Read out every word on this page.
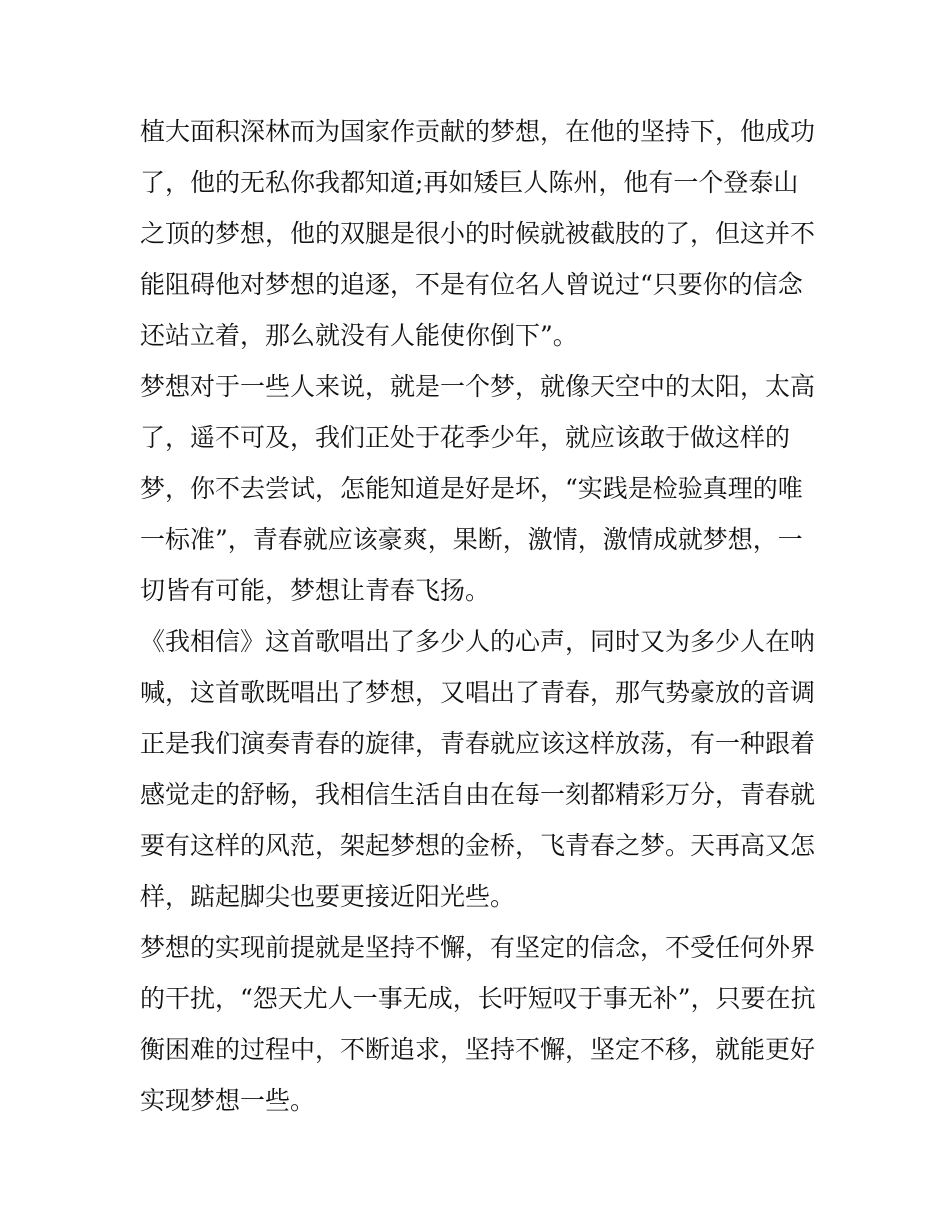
植大面积深林而为国家作贡献的梦想，在他的坚持下，他成功
了，他的无私你我都知道;再如矮巨人陈州，他有一个登泰山
之顶的梦想，他的双腿是很小的时候就被截肢的了，但这并不
能阻碍他对梦想的追逐，不是有位名人曾说过“只要你的信念
还站立着，那么就没有人能使你倒下”。
梦想对于一些人来说，就是一个梦，就像天空中的太阳，太高
了，遥不可及，我们正处于花季少年，就应该敢于做这样的
梦，你不去尝试，怎能知道是好是坏，“实践是检验真理的唯
一标准”，青春就应该豪爽，果断，激情，激情成就梦想，一
切皆有可能，梦想让青春飞扬。
《我相信》这首歌唱出了多少人的心声，同时又为多少人在呐
喊，这首歌既唱出了梦想，又唱出了青春，那气势豪放的音调
正是我们演奏青春的旋律，青春就应该这样放荡，有一种跟着
感觉走的舒畅，我相信生活自由在每一刻都精彩万分，青春就
要有这样的风范，架起梦想的金桥，飞青春之梦。天再高又怎
样，踮起脚尖也要更接近阳光些。
梦想的实现前提就是坚持不懈，有坚定的信念，不受任何外界
的干扰，“怨天尤人一事无成，长吁短叹于事无补”，只要在抗
衡困难的过程中，不断追求，坚持不懈，坚定不移，就能更好
实现梦想一些。
